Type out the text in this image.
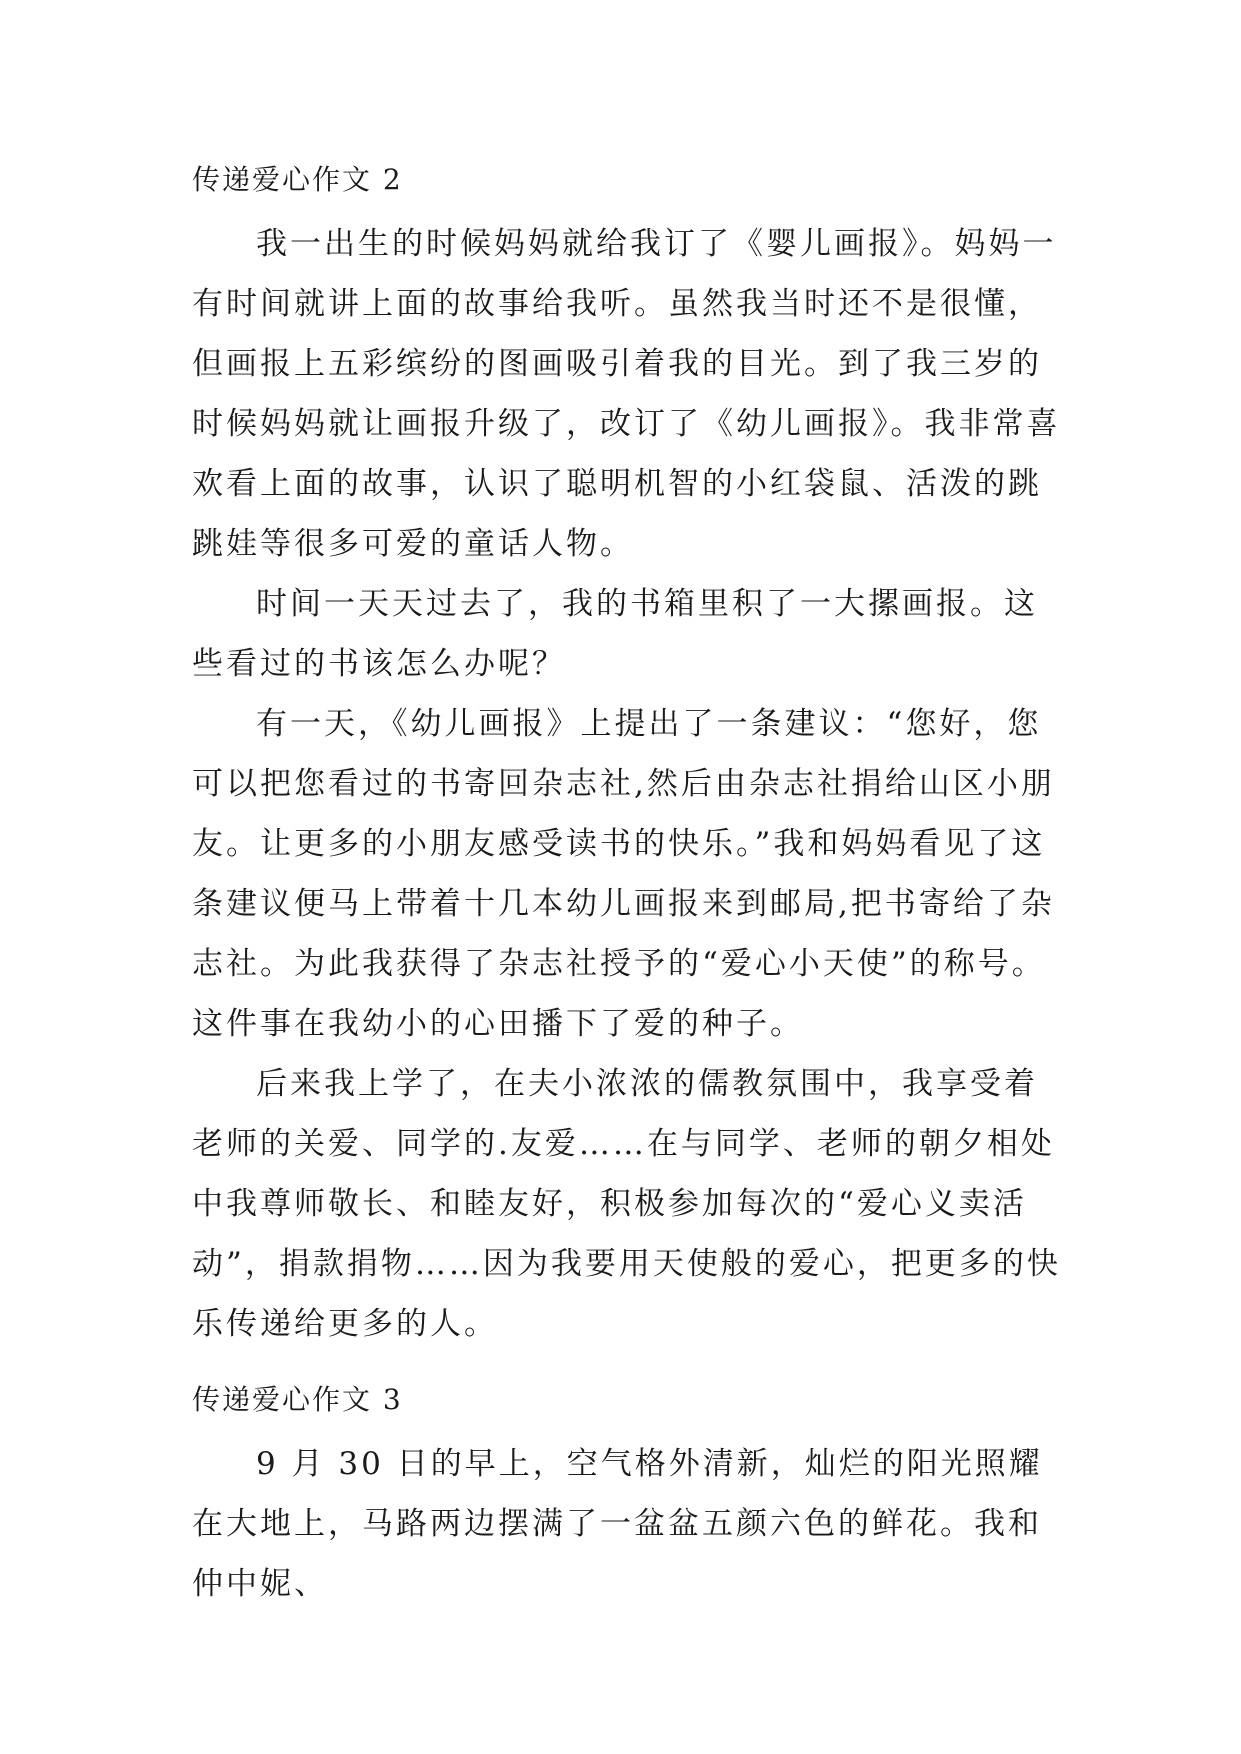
传递爱心作文 2

我一出生的时候妈妈就给我订了《婴儿画报》。妈妈一有时间就讲上面的故事给我听。虽然我当时还不是很懂，但画报上五彩缤纷的图画吸引着我的目光。到了我三岁的时候妈妈就让画报升级了，改订了《幼儿画报》。我非常喜欢看上面的故事，认识了聪明机智的小红袋鼠、活泼的跳跳娃等很多可爱的童话人物。

时间一天天过去了，我的书箱里积了一大摞画报。这些看过的书该怎么办呢？

有一天，《幼儿画报》上提出了一条建议：“您好，您可以把您看过的书寄回杂志社,然后由杂志社捐给山区小朋友。让更多的小朋友感受读书的快乐。”我和妈妈看见了这条建议便马上带着十几本幼儿画报来到邮局,把书寄给了杂志社。为此我获得了杂志社授予的“爱心小天使”的称号。这件事在我幼小的心田播下了爱的种子。

后来我上学了，在夫小浓浓的儒教氛围中，我享受着老师的关爱、同学的.友爱……在与同学、老师的朝夕相处中我尊师敬长、和睦友好，积极参加每次的“爱心义卖活动”，捐款捐物……因为我要用天使般的爱心，把更多的快乐传递给更多的人。

传递爱心作文 3

9 月 30 日的早上，空气格外清新，灿烂的阳光照耀在大地上，马路两边摆满了一盆盆五颜六色的鲜花。我和仲中妮、
